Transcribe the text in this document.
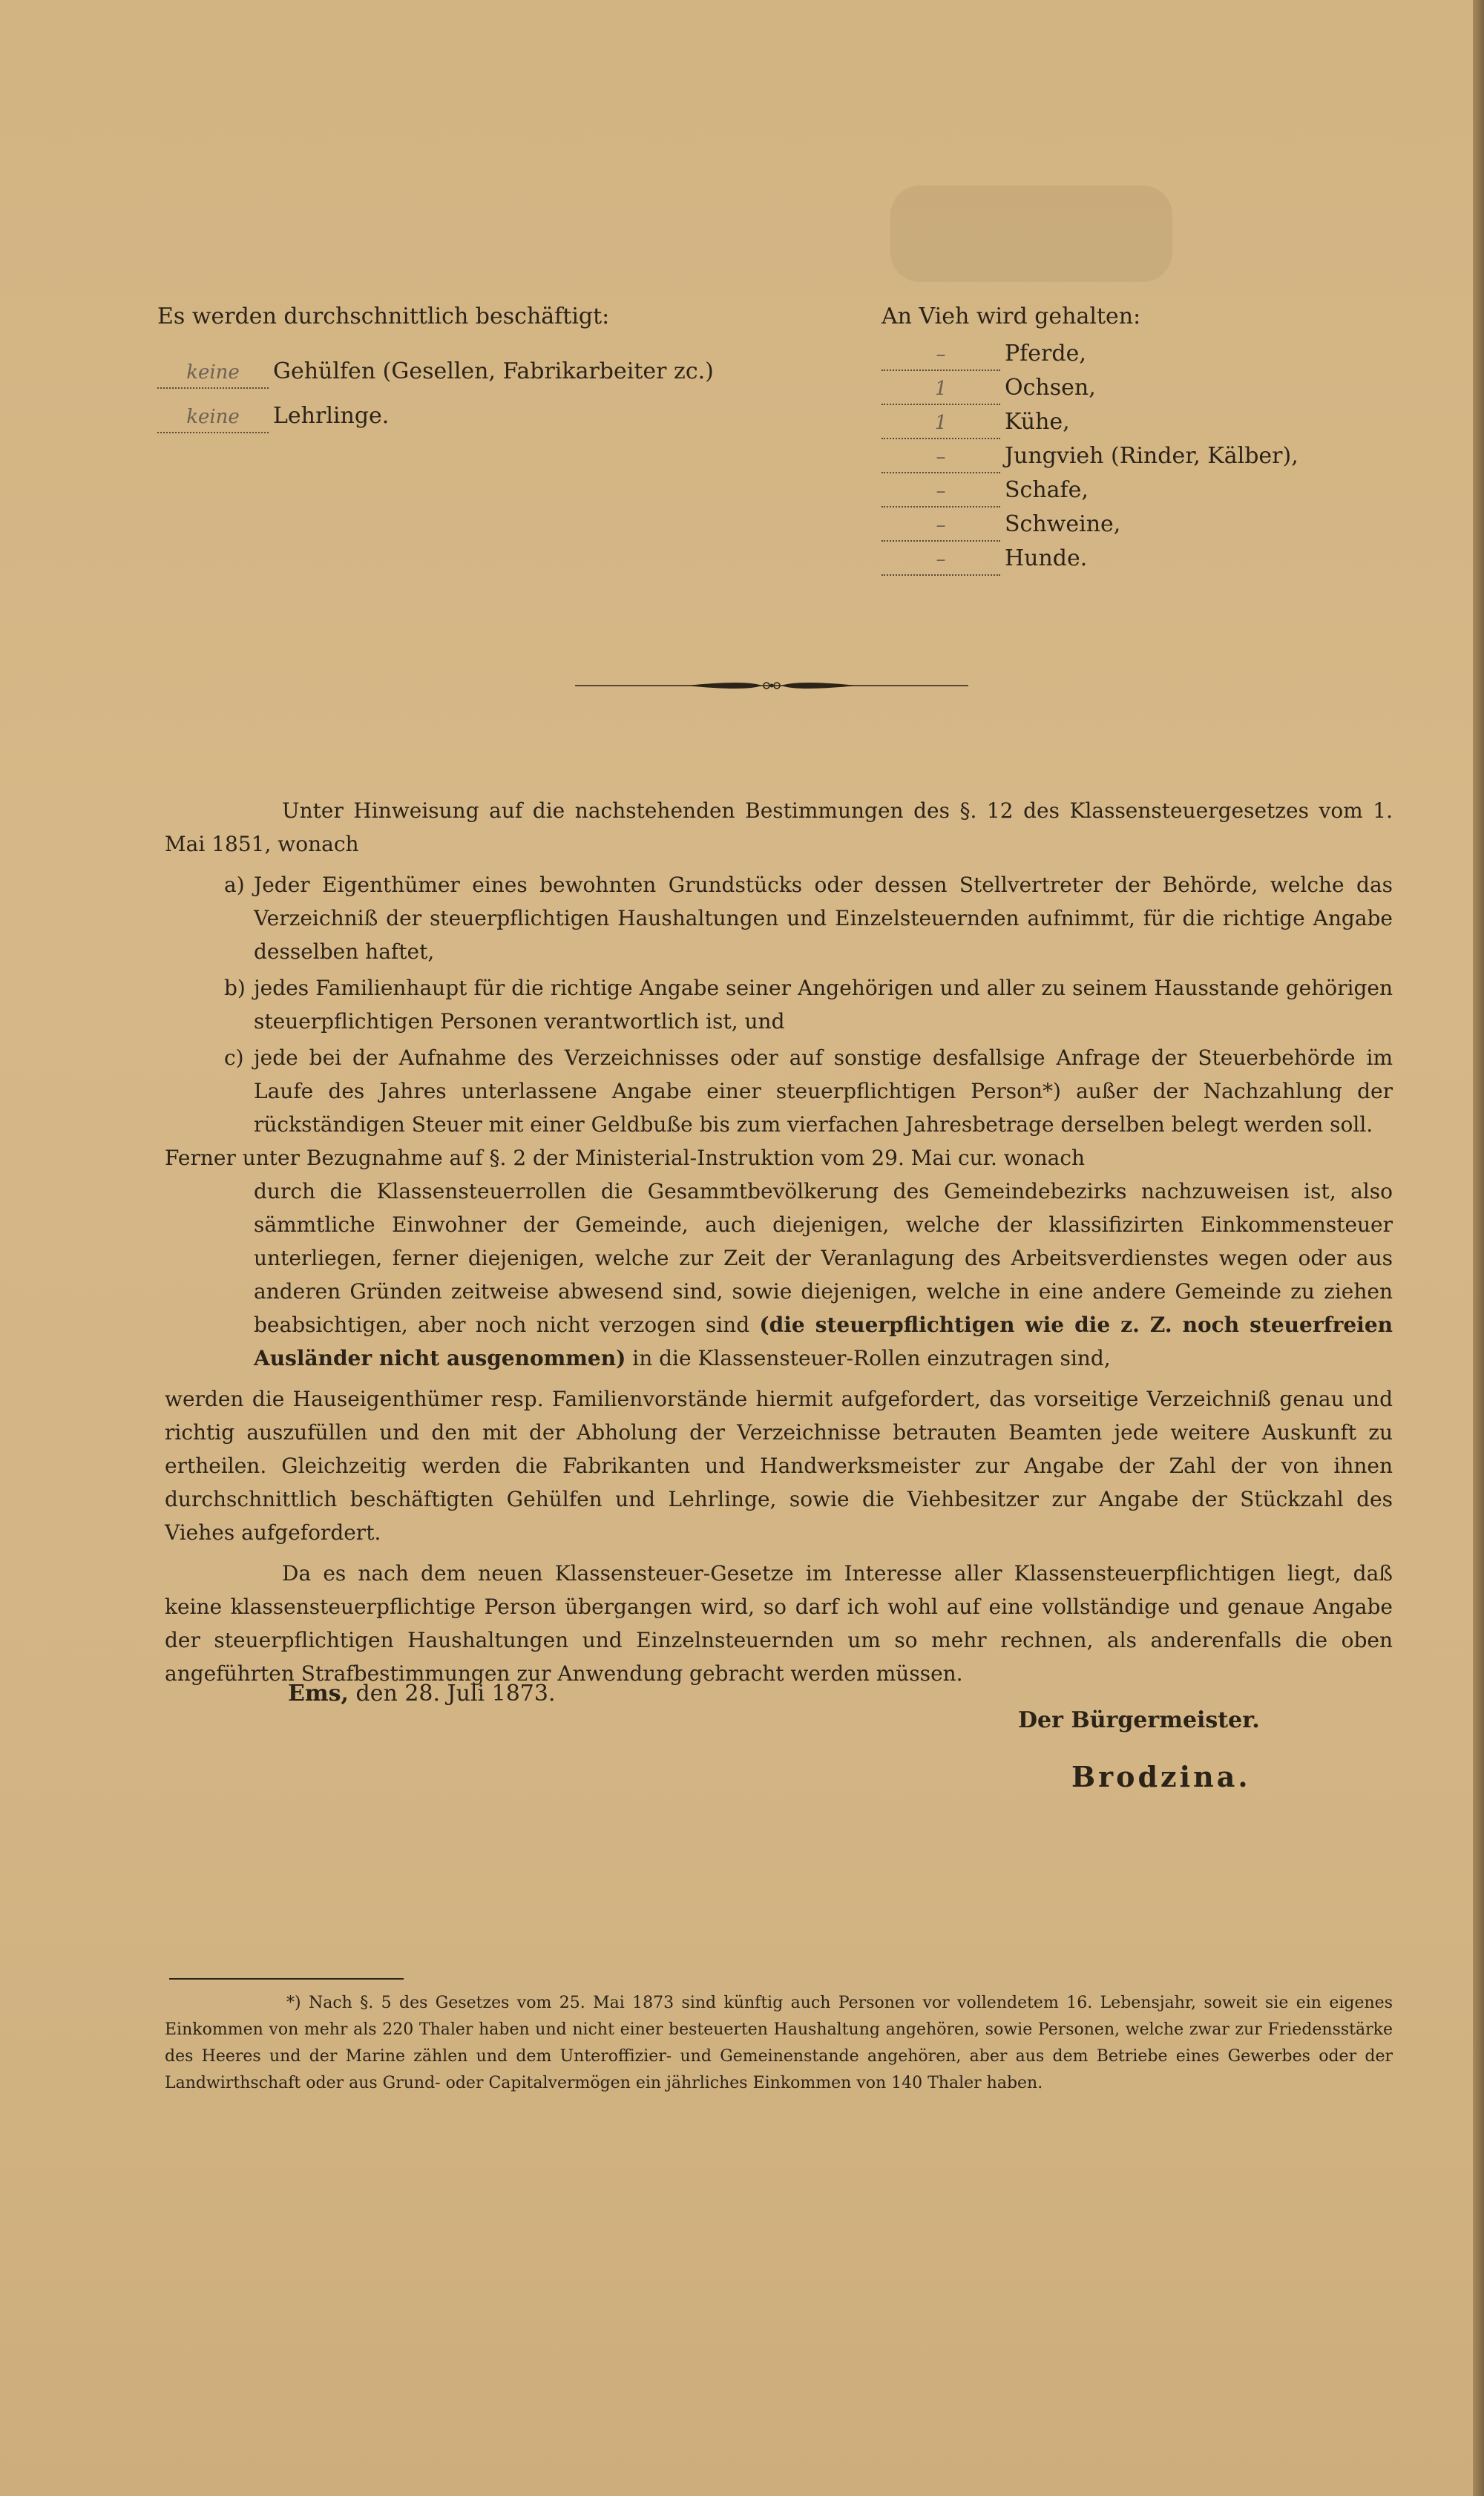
Es werden durchschnittlich beschäftigt:
keine	Gehülfen (Gesellen, Fabrikarbeiter zc.)
keine	Lehrlinge.
An Vieh wird gehalten:
–	Pferde,
1	Ochsen,
1	Kühe,
–	Jungvieh (Rinder, Kälber),
–	Schafe,
–	Schweine,
–	Hunde.

Unter Hinweisung auf die nachstehenden Bestimmungen des §. 12 des Klassensteuergesetzes vom 1. Mai 1851, wonach

a) Jeder Eigenthümer eines bewohnten Grundstücks oder dessen Stellvertreter der Behörde, welche das Verzeichniß der steuerpflichtigen Haushaltungen und Einzelsteuernden aufnimmt, für die richtige Angabe desselben haftet,
b) jedes Familienhaupt für die richtige Angabe seiner Angehörigen und aller zu seinem Hausstande gehörigen steuerpflichtigen Personen verantwortlich ist, und
c) jede bei der Aufnahme des Verzeichnisses oder auf sonstige desfallsige Anfrage der Steuerbehörde im Laufe des Jahres unterlassene Angabe einer steuerpflichtigen Person*) außer der Nachzahlung der rückständigen Steuer mit einer Geldbuße bis zum vierfachen Jahresbetrage derselben belegt werden soll.

Ferner unter Bezugnahme auf §. 2 der Ministerial-Instruktion vom 29. Mai cur. wonach

durch die Klassensteuerrollen die Gesammtbevölkerung des Gemeindebezirks nachzuweisen ist, also sämmtliche Einwohner der Gemeinde, auch diejenigen, welche der klassifizirten Einkommensteuer unterliegen, ferner diejenigen, welche zur Zeit der Veranlagung des Arbeitsverdienstes wegen oder aus anderen Gründen zeitweise abwesend sind, sowie diejenigen, welche in eine andere Gemeinde zu ziehen beabsichtigen, aber noch nicht verzogen sind (die steuerpflichtigen wie die z. Z. noch steuerfreien Ausländer nicht ausgenommen) in die Klassensteuer-Rollen einzutragen sind,

werden die Hauseigenthümer resp. Familienvorstände hiermit aufgefordert, das vorseitige Verzeichniß genau und richtig auszufüllen und den mit der Abholung der Verzeichnisse betrauten Beamten jede weitere Auskunft zu ertheilen. Gleichzeitig werden die Fabrikanten und Handwerksmeister zur Angabe der Zahl der von ihnen durchschnittlich beschäftigten Gehülfen und Lehrlinge, sowie die Viehbesitzer zur Angabe der Stückzahl des Viehes aufgefordert.

Da es nach dem neuen Klassensteuer-Gesetze im Interesse aller Klassensteuerpflichtigen liegt, daß keine klassensteuerpflichtige Person übergangen wird, so darf ich wohl auf eine vollständige und genaue Angabe der steuerpflichtigen Haushaltungen und Einzelnsteuernden um so mehr rechnen, als anderenfalls die oben angeführten Strafbestimmungen zur Anwendung gebracht werden müssen.

Ems, den 28. Juli 1873.
Der Bürgermeister.
Brodzina.

*) Nach §. 5 des Gesetzes vom 25. Mai 1873 sind künftig auch Personen vor vollendetem 16. Lebensjahr, soweit sie ein eigenes Einkommen von mehr als 220 Thaler haben und nicht einer besteuerten Haushaltung angehören, sowie Personen, welche zwar zur Friedensstärke des Heeres und der Marine zählen und dem Unteroffizier- und Gemeinenstande angehören, aber aus dem Betriebe eines Gewerbes oder der Landwirthschaft oder aus Grund- oder Capitalvermögen ein jährliches Einkommen von 140 Thaler haben.
